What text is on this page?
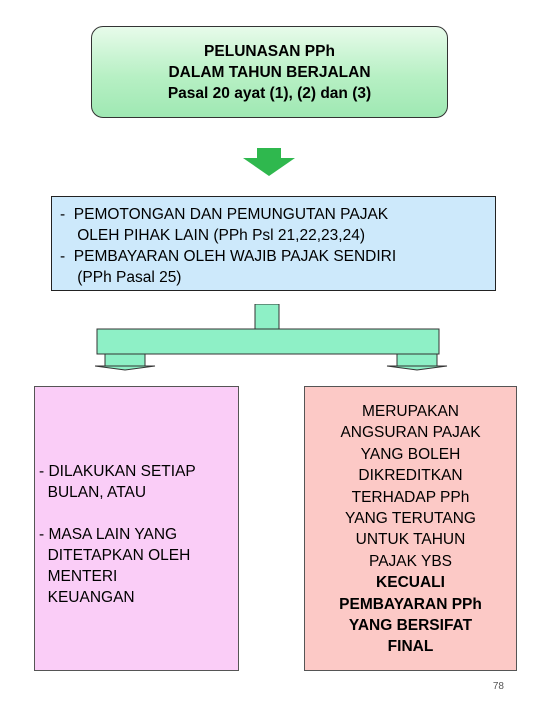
PELUNASAN PPh
DALAM TAHUN BERJALAN
Pasal 20 ayat (1), (2) dan (3)
-  PEMOTONGAN DAN PEMUNGUTAN PAJAK
OLEH PIHAK LAIN (PPh Psl 21,22,23,24)
-  PEMBAYARAN OLEH WAJIB PAJAK SENDIRI
(PPh Pasal 25)
- DILAKUKAN SETIAP
BULAN, ATAU
- MASA LAIN YANG
DITETAPKAN OLEH
MENTERI
KEUANGAN
MERUPAKAN
ANGSURAN PAJAK
YANG BOLEH
DIKREDITKAN
TERHADAP PPh
YANG TERUTANG
UNTUK TAHUN
PAJAK YBS
KECUALI
PEMBAYARAN PPh
YANG BERSIFAT
FINAL
78
